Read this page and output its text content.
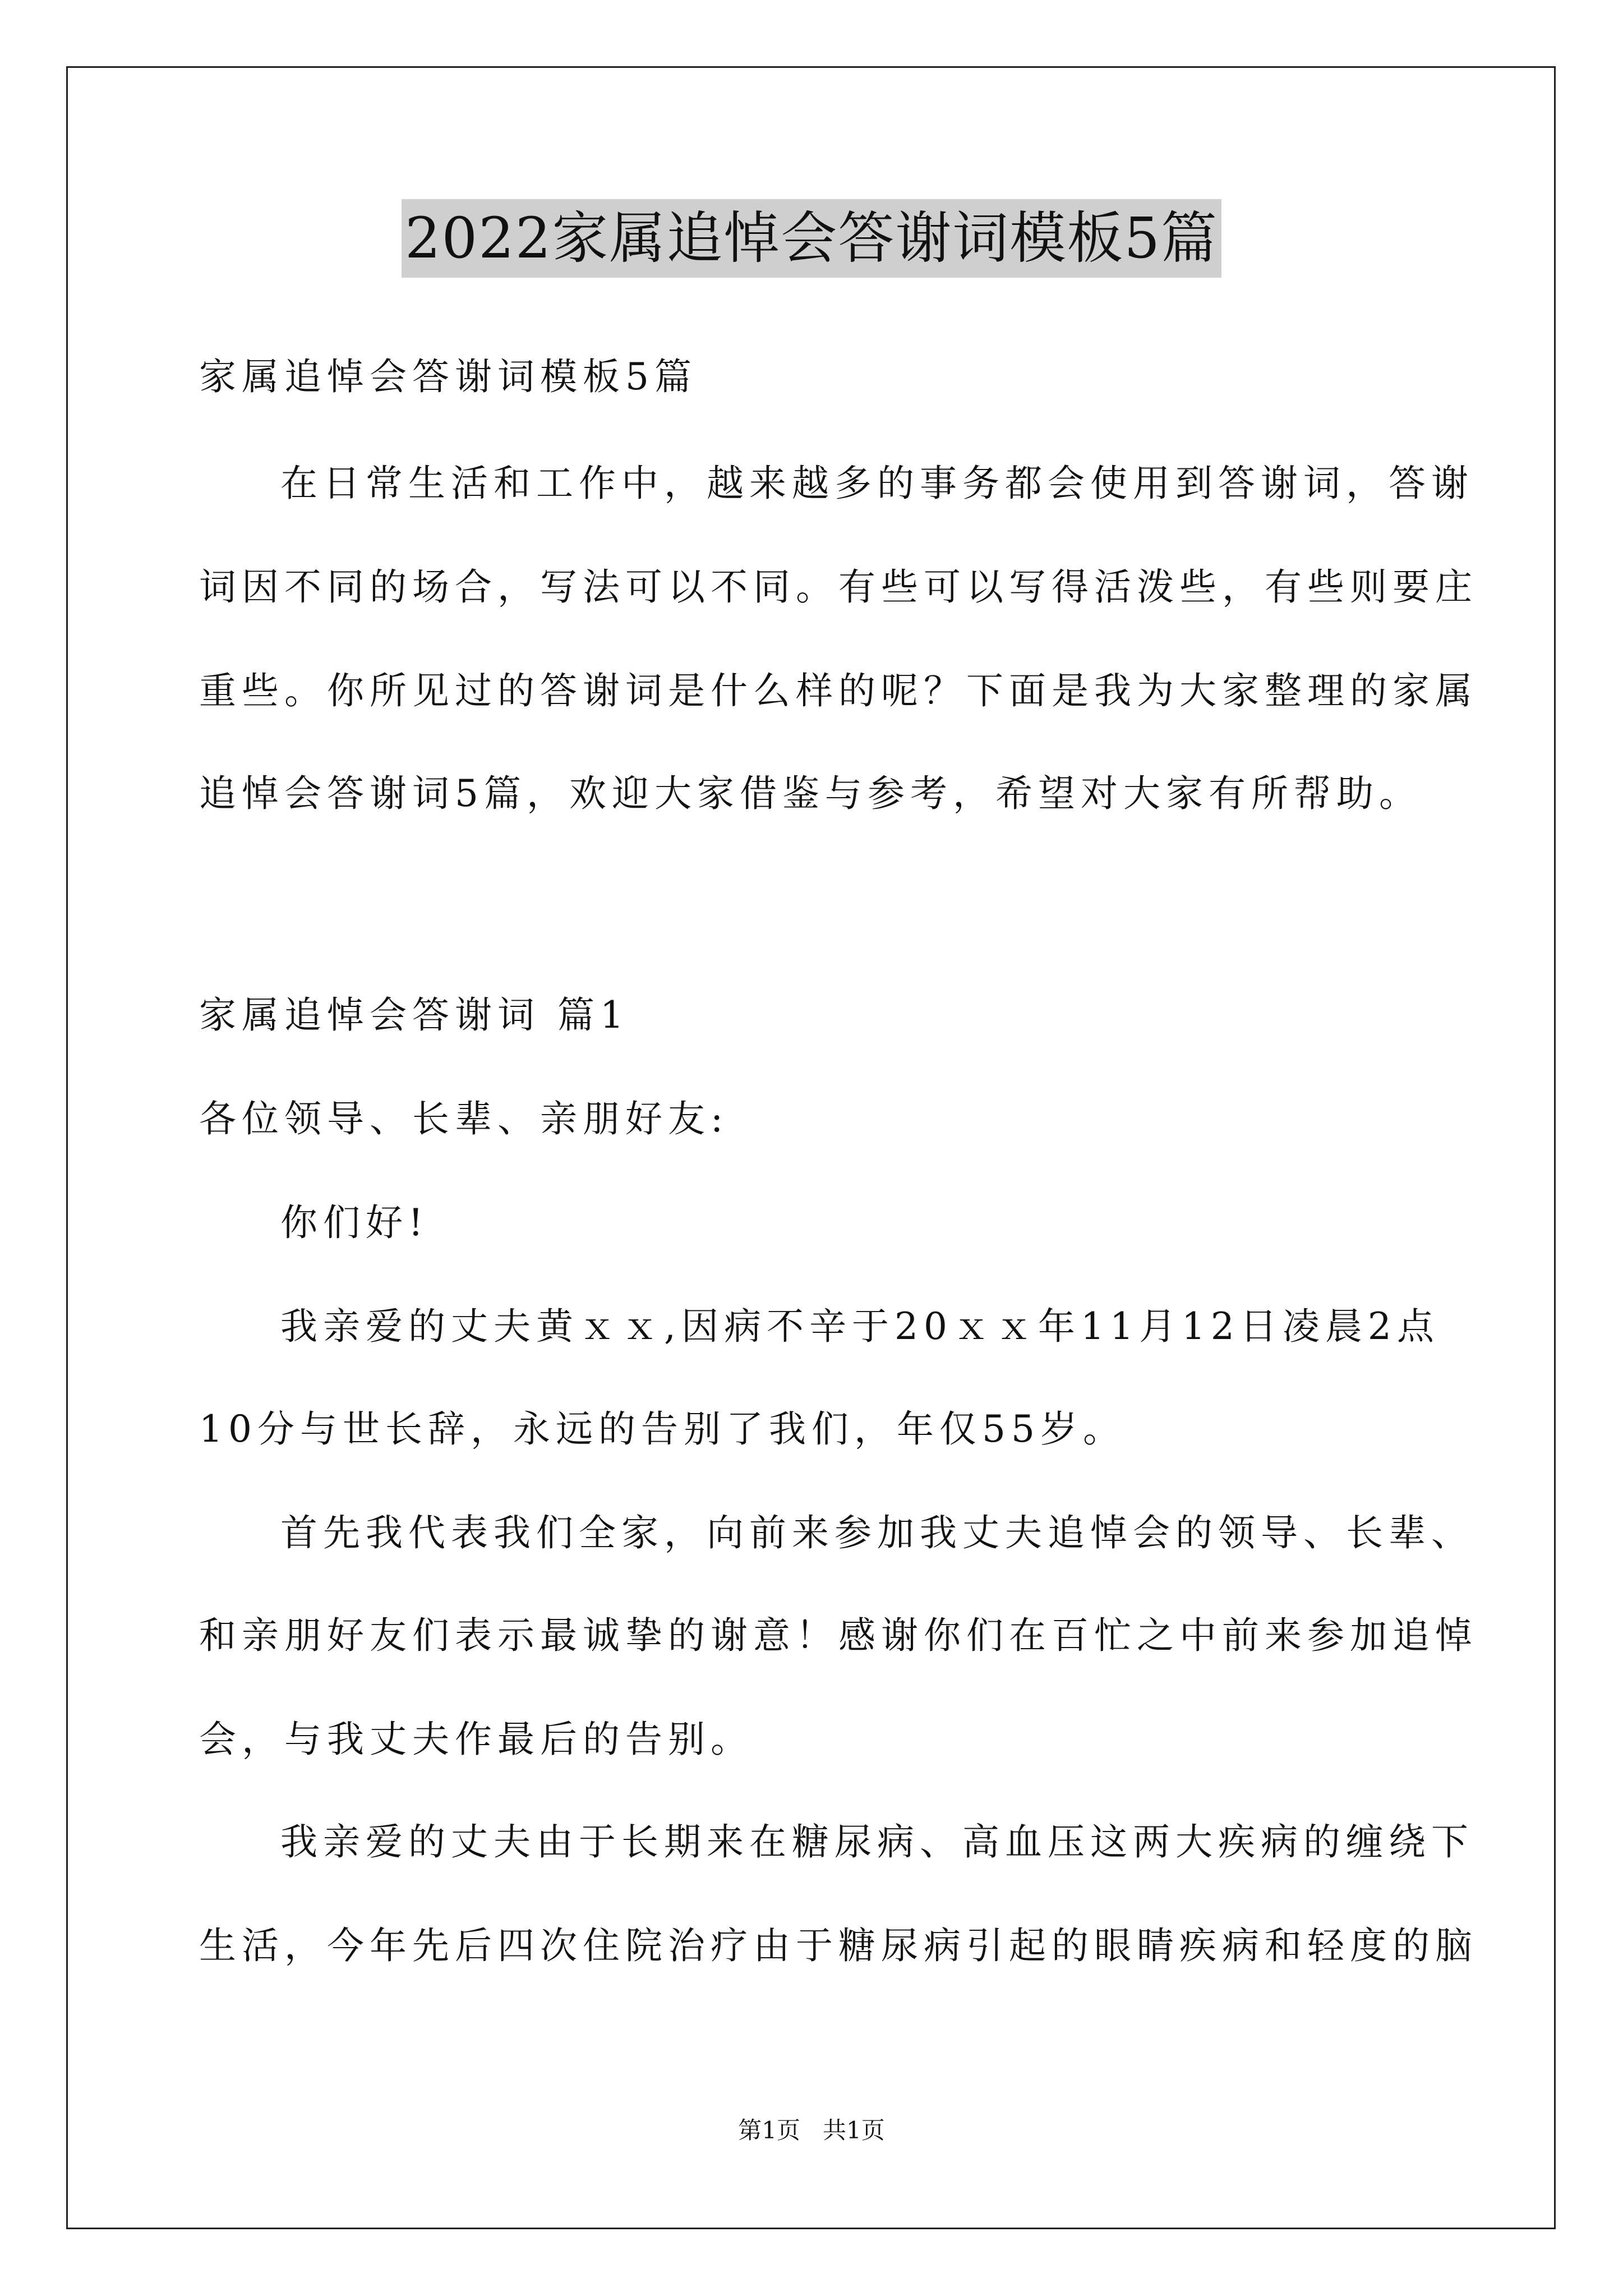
2022家属追悼会答谢词模板5篇
家属追悼会答谢词模板5篇
在日常生活和工作中，越来越多的事务都会使用到答谢词，答谢
词因不同的场合，写法可以不同。有些可以写得活泼些，有些则要庄
重些。你所见过的答谢词是什么样的呢？下面是我为大家整理的家属
追悼会答谢词5篇，欢迎大家借鉴与参考，希望对大家有所帮助。
家属追悼会答谢词 篇1
各位领导、长辈、亲朋好友:
你们好!
我亲爱的丈夫黄ｘｘ,因病不辛于20ｘｘ年11月12日凌晨2点
10分与世长辞，永远的告别了我们，年仅55岁。
首先我代表我们全家，向前来参加我丈夫追悼会的领导、长辈、
和亲朋好友们表示最诚挚的谢意！感谢你们在百忙之中前来参加追悼
会，与我丈夫作最后的告别。
我亲爱的丈夫由于长期来在糖尿病、高血压这两大疾病的缠绕下
生活，今年先后四次住院治疗由于糖尿病引起的眼睛疾病和轻度的脑
第1页 共1页
